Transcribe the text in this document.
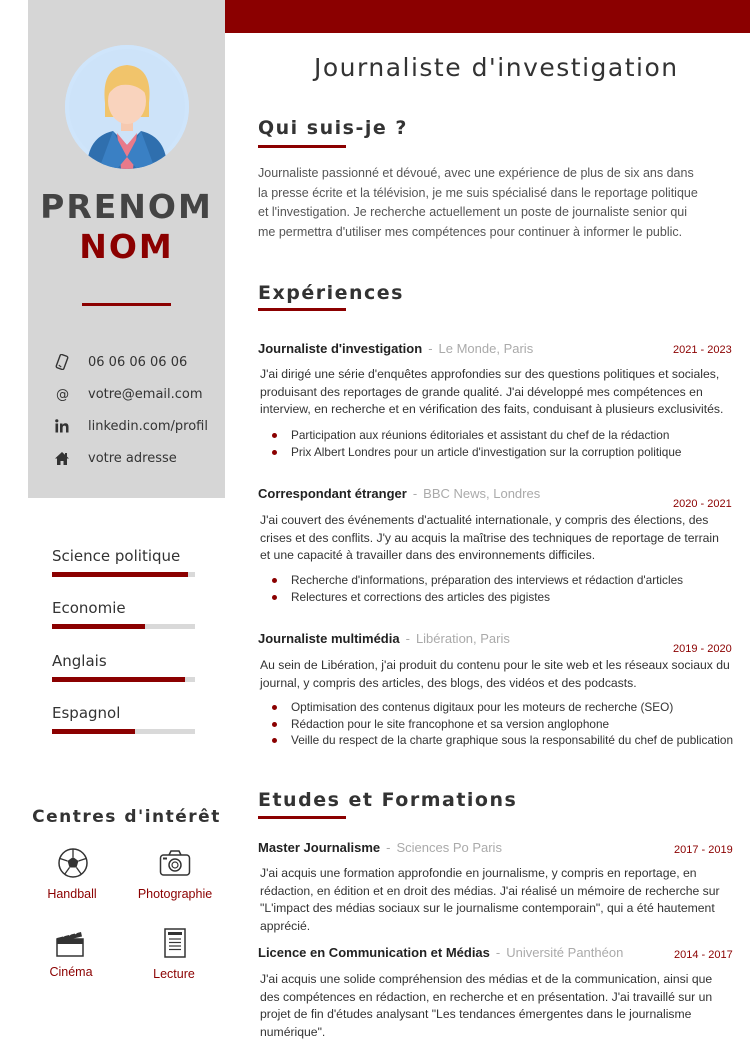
PRENOM
NOM
06 06 06 06 06
@ votre@email.com
linkedin.com/profil
votre adresse
Science politique
Economie
Anglais
Espagnol
Centres d'intérêt
Handball	Photographie
Cinéma	Lecture
Journaliste d'investigation
Qui suis-je ?
Journaliste passionné et dévoué, avec une expérience de plus de six ans dans la presse écrite et la télévision, je me suis spécialisé dans le reportage politique et l'investigation. Je recherche actuellement un poste de journaliste senior qui me permettra d'utiliser mes compétences pour continuer à informer le public.
Expériences
Journaliste d'investigation - Le Monde, Paris	2021 - 2023
J'ai dirigé une série d'enquêtes approfondies sur des questions politiques et sociales, produisant des reportages de grande qualité. J'ai développé mes compétences en interview, en recherche et en vérification des faits, conduisant à plusieurs exclusivités.
Participation aux réunions éditoriales et assistant du chef de la rédaction
Prix Albert Londres pour un article d'investigation sur la corruption politique
Correspondant étranger - BBC News, Londres
2020 - 2021
J'ai couvert des événements d'actualité internationale, y compris des élections, des crises et des conflits. J'y au acquis la maîtrise des techniques de reportage de terrain et une capacité à travailler dans des environnements difficiles.
Recherche d'informations, préparation des interviews et rédaction d'articles
Relectures et corrections des articles des pigistes
Journaliste multimédia - Libération, Paris
2019 - 2020
Au sein de Libération, j'ai produit du contenu pour le site web et les réseaux sociaux du journal, y compris des articles, des blogs, des vidéos et des podcasts.
Optimisation des contenus digitaux pour les moteurs de recherche (SEO)
Rédaction pour le site francophone et sa version anglophone
Veille du respect de la charte graphique sous la responsabilité du chef de publication
Etudes et Formations
Master Journalisme - Sciences Po Paris	2017 - 2019
J'ai acquis une formation approfondie en journalisme, y compris en reportage, en rédaction, en édition et en droit des médias. J'ai réalisé un mémoire de recherche sur "L'impact des médias sociaux sur le journalisme contemporain", qui a été hautement apprécié.
Licence en Communication et Médias - Université Panthéon	2014 - 2017
J'ai acquis une solide compréhension des médias et de la communication, ainsi que des compétences en rédaction, en recherche et en présentation. J'ai travaillé sur un projet de fin d'études analysant "Les tendances émergentes dans le journalisme numérique".
